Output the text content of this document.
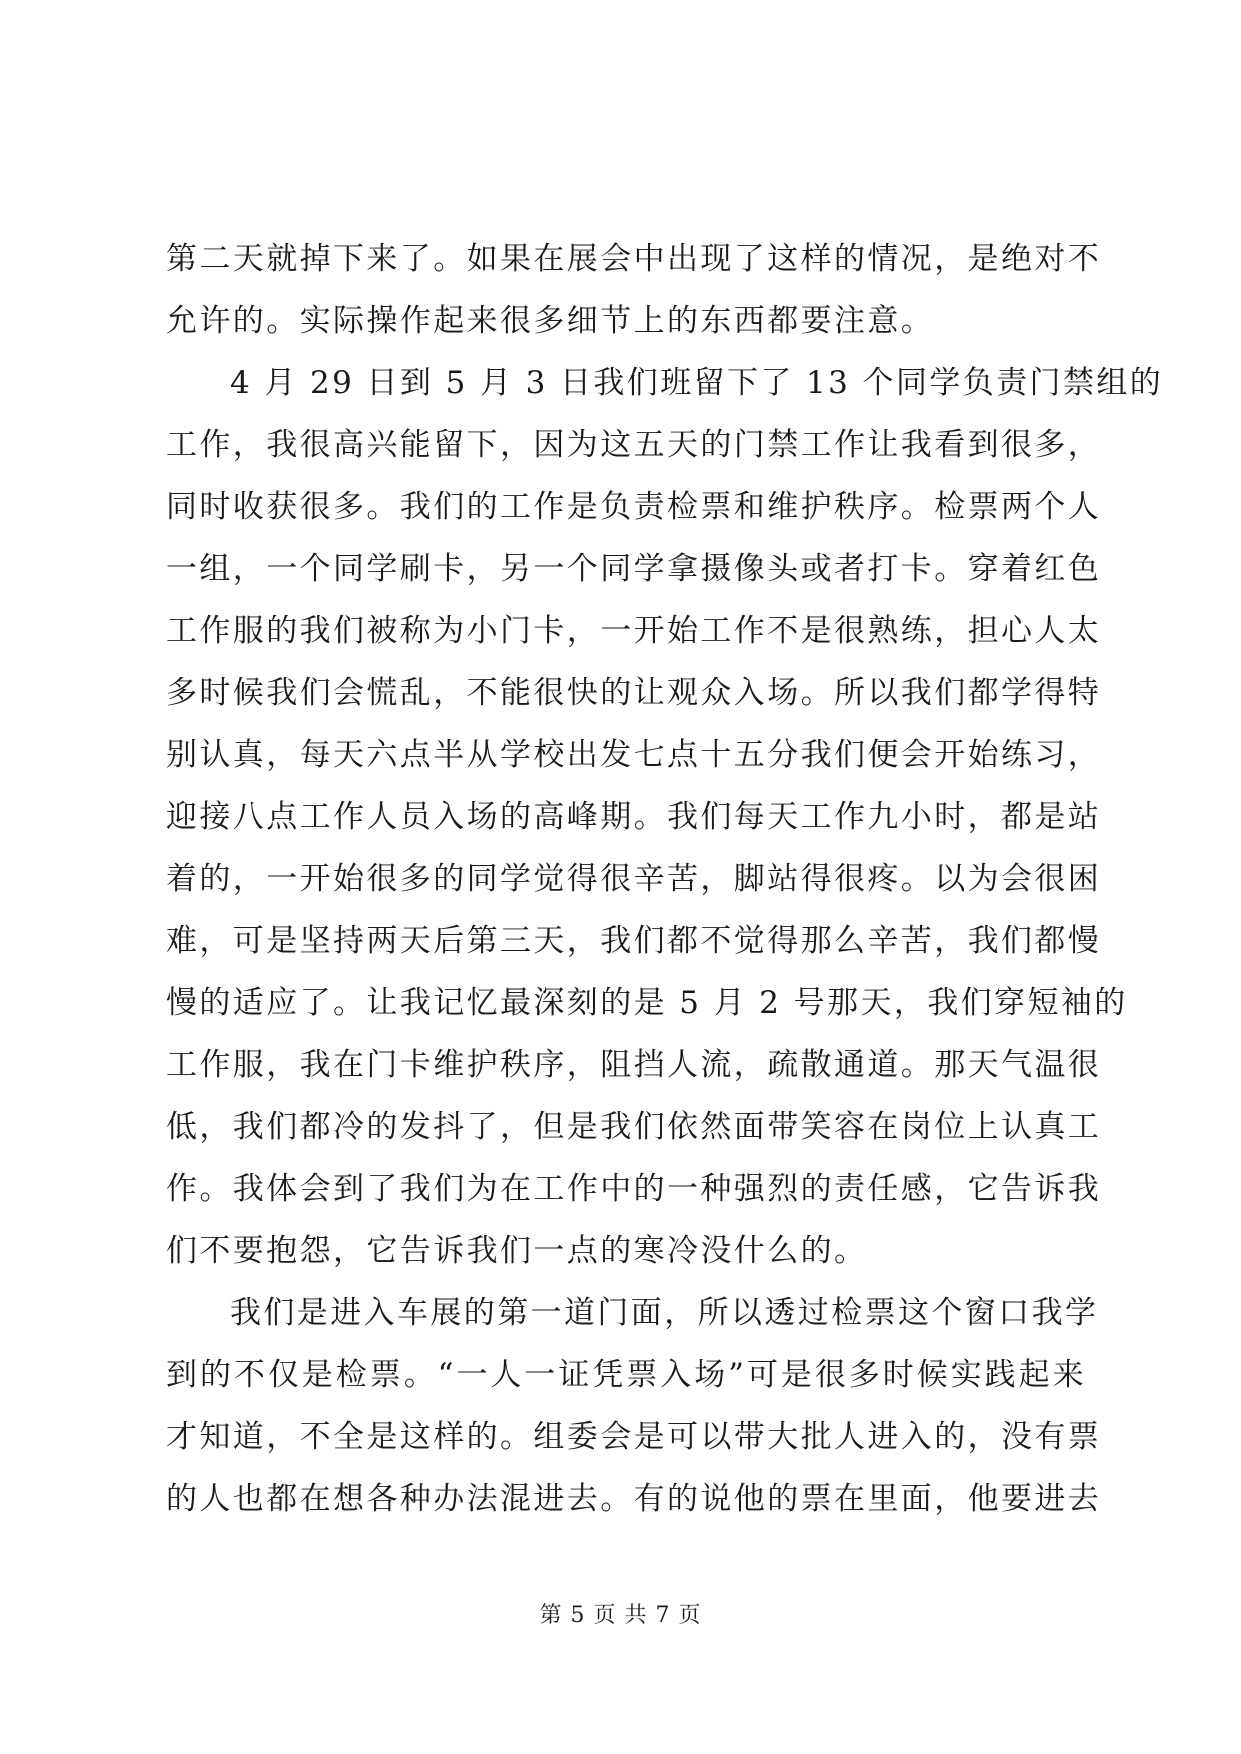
第二天就掉下来了。如果在展会中出现了这样的情况，是绝对不
允许的。实际操作起来很多细节上的东西都要注意。
4 月 29 日到 5 月 3 日我们班留下了 13 个同学负责门禁组的
工作，我很高兴能留下，因为这五天的门禁工作让我看到很多，
同时收获很多。我们的工作是负责检票和维护秩序。检票两个人
一组，一个同学刷卡，另一个同学拿摄像头或者打卡。穿着红色
工作服的我们被称为小门卡，一开始工作不是很熟练，担心人太
多时候我们会慌乱，不能很快的让观众入场。所以我们都学得特
别认真，每天六点半从学校出发七点十五分我们便会开始练习，
迎接八点工作人员入场的高峰期。我们每天工作九小时，都是站
着的，一开始很多的同学觉得很辛苦，脚站得很疼。以为会很困
难，可是坚持两天后第三天，我们都不觉得那么辛苦，我们都慢
慢的适应了。让我记忆最深刻的是 5 月 2 号那天，我们穿短袖的
工作服，我在门卡维护秩序，阻挡人流，疏散通道。那天气温很
低，我们都冷的发抖了，但是我们依然面带笑容在岗位上认真工
作。我体会到了我们为在工作中的一种强烈的责任感，它告诉我
们不要抱怨，它告诉我们一点的寒冷没什么的。
我们是进入车展的第一道门面，所以透过检票这个窗口我学
到的不仅是检票。“一人一证凭票入场”可是很多时候实践起来
才知道，不全是这样的。组委会是可以带大批人进入的，没有票
的人也都在想各种办法混进去。有的说他的票在里面，他要进去
第 5 页 共 7 页
